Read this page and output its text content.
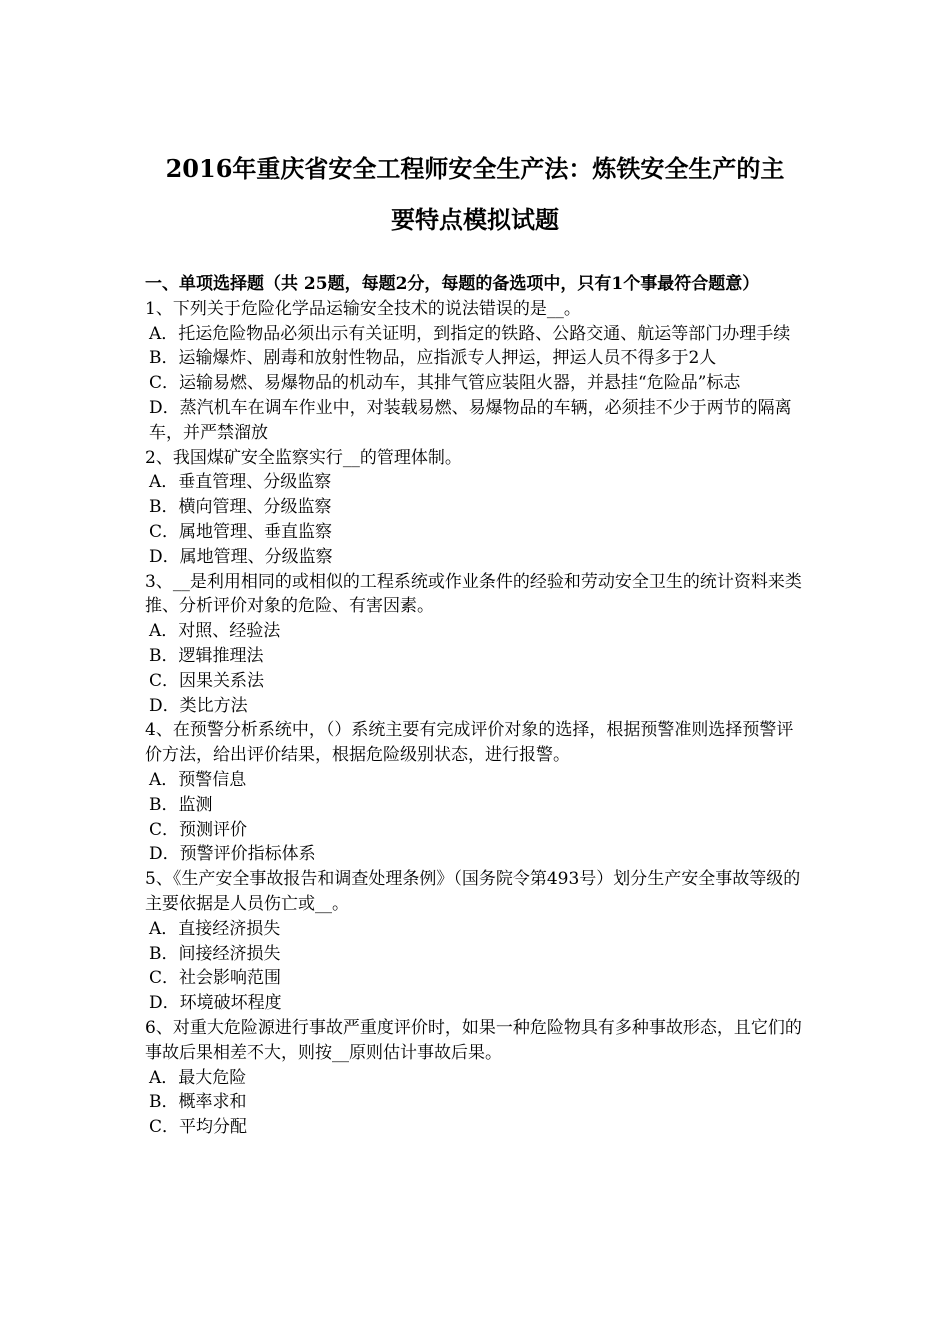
2016年重庆省安全工程师安全生产法：炼铁安全生产的主
要特点模拟试题

一、单项选择题（共 25题，每题2分，每题的备选项中，只有1个事最符合题意）

1、下列关于危险化学品运输安全技术的说法错误的是__。

A．托运危险物品必须出示有关证明，到指定的铁路、公路交通、航运等部门办理手续

B．运输爆炸、剧毒和放射性物品，应指派专人押运，押运人员不得多于2人

C．运输易燃、易爆物品的机动车，其排气管应装阻火器，并悬挂“危险品”标志

D．蒸汽机车在调车作业中，对装载易燃、易爆物品的车辆，必须挂不少于两节的隔离车，并严禁溜放

2、我国煤矿安全监察实行__的管理体制。

A．垂直管理、分级监察

B．横向管理、分级监察

C．属地管理、垂直监察

D．属地管理、分级监察

3、__是利用相同的或相似的工程系统或作业条件的经验和劳动安全卫生的统计资料来类推、分析评价对象的危险、有害因素。

A．对照、经验法

B．逻辑推理法

C．因果关系法

D．类比方法

4、在预警分析系统中，（）系统主要有完成评价对象的选择，根据预警准则选择预警评价方法，给出评价结果，根据危险级别状态，进行报警。

A．预警信息

B．监测

C．预测评价

D．预警评价指标体系

5、《生产安全事故报告和调查处理条例》（国务院令第493号）划分生产安全事故等级的主要依据是人员伤亡或__。

A．直接经济损失

B．间接经济损失

C．社会影响范围

D．环境破坏程度

6、对重大危险源进行事故严重度评价时，如果一种危险物具有多种事故形态，且它们的事故后果相差不大，则按__原则估计事故后果。

A．最大危险

B．概率求和

C．平均分配
